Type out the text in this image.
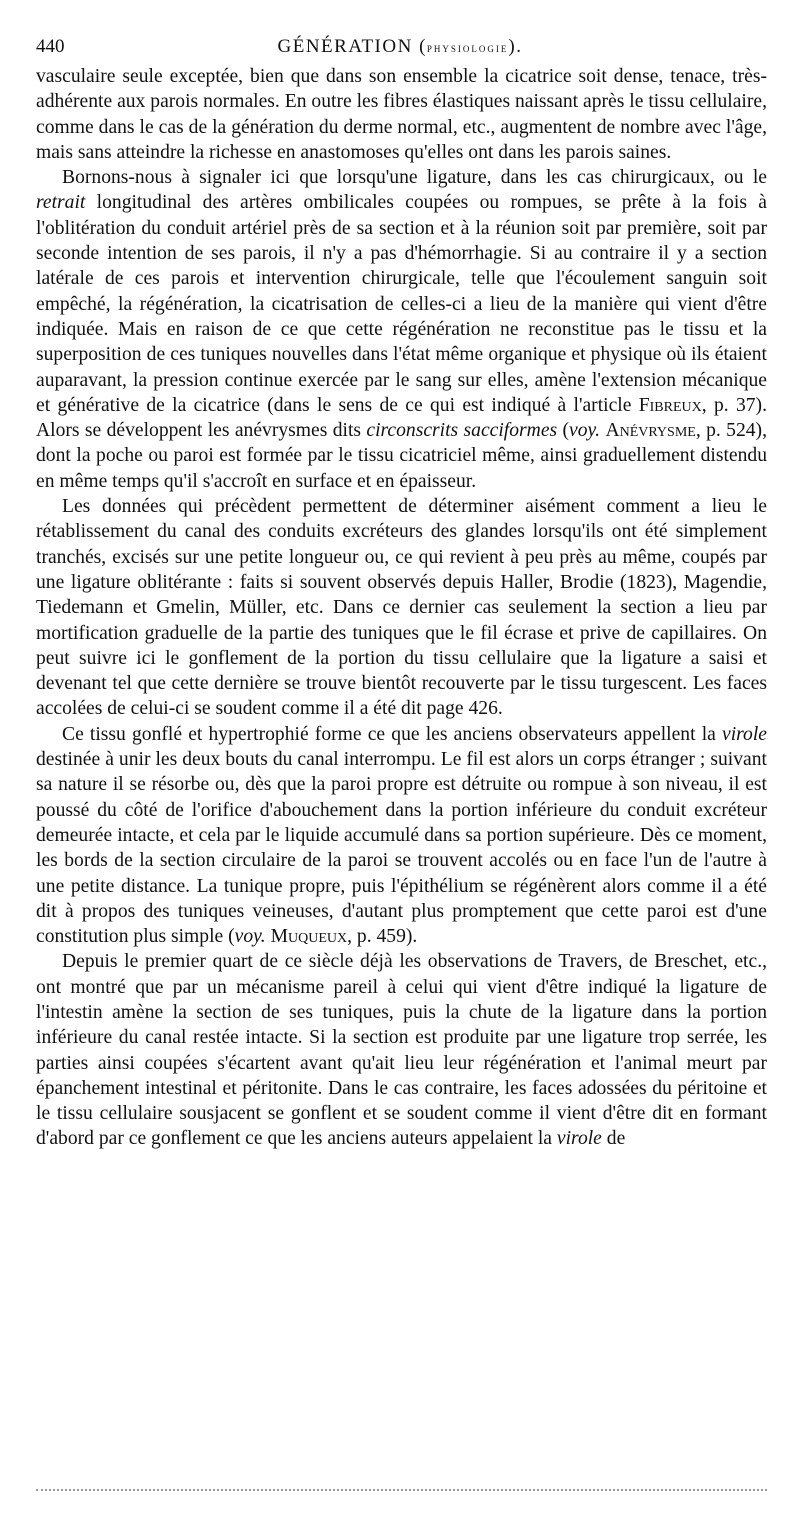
440	GÉNÉRATION (physiologie).

vasculaire seule exceptée, bien que dans son ensemble la cicatrice soit dense, tenace, très-adhérente aux parois normales. En outre les fibres élastiques naissant après le tissu cellulaire, comme dans le cas de la génération du derme normal, etc., augmentent de nombre avec l'âge, mais sans atteindre la richesse en anastomoses qu'elles ont dans les parois saines.

Bornons-nous à signaler ici que lorsqu'une ligature, dans les cas chirurgicaux, ou le retrait longitudinal des artères ombilicales coupées ou rompues, se prête à la fois à l'oblitération du conduit artériel près de sa section et à la réunion soit par première, soit par seconde intention de ses parois, il n'y a pas d'hémorrhagie. Si au contraire il y a section latérale de ces parois et intervention chirurgicale, telle que l'écoulement sanguin soit empêché, la régénération, la cicatrisation de celles-ci a lieu de la manière qui vient d'être indiquée. Mais en raison de ce que cette régénération ne reconstitue pas le tissu et la superposition de ces tuniques nouvelles dans l'état même organique et physique où ils étaient auparavant, la pression continue exercée par le sang sur elles, amène l'extension mécanique et générative de la cicatrice (dans le sens de ce qui est indiqué à l'article Fibreux, p. 37). Alors se développent les anévrysmes dits circonscrits sacciformes (voy. Anévrysme, p. 524), dont la poche ou paroi est formée par le tissu cicatriciel même, ainsi graduellement distendu en même temps qu'il s'accroît en surface et en épaisseur.

Les données qui précèdent permettent de déterminer aisément comment a lieu le rétablissement du canal des conduits excréteurs des glandes lorsqu'ils ont été simplement tranchés, excisés sur une petite longueur ou, ce qui revient à peu près au même, coupés par une ligature oblitérante : faits si souvent observés depuis Haller, Brodie (1823), Magendie, Tiedemann et Gmelin, Müller, etc. Dans ce dernier cas seulement la section a lieu par mortification graduelle de la partie des tuniques que le fil écrase et prive de capillaires. On peut suivre ici le gonflement de la portion du tissu cellulaire que la ligature a saisi et devenant tel que cette dernière se trouve bientôt recouverte par le tissu turgescent. Les faces accolées de celui-ci se soudent comme il a été dit page 426.

Ce tissu gonflé et hypertrophié forme ce que les anciens observateurs appellent la virole destinée à unir les deux bouts du canal interrompu. Le fil est alors un corps étranger ; suivant sa nature il se résorbe ou, dès que la paroi propre est détruite ou rompue à son niveau, il est poussé du côté de l'orifice d'abouchement dans la portion inférieure du conduit excréteur demeurée intacte, et cela par le liquide accumulé dans sa portion supérieure. Dès ce moment, les bords de la section circulaire de la paroi se trouvent accolés ou en face l'un de l'autre à une petite distance. La tunique propre, puis l'épithélium se régénèrent alors comme il a été dit à propos des tuniques veineuses, d'autant plus promptement que cette paroi est d'une constitution plus simple (voy. Muqueux, p. 459).

Depuis le premier quart de ce siècle déjà les observations de Travers, de Breschet, etc., ont montré que par un mécanisme pareil à celui qui vient d'être indiqué la ligature de l'intestin amène la section de ses tuniques, puis la chute de la ligature dans la portion inférieure du canal restée intacte. Si la section est produite par une ligature trop serrée, les parties ainsi coupées s'écartent avant qu'ait lieu leur régénération et l'animal meurt par épanchement intestinal et péritonite. Dans le cas contraire, les faces adossées du péritoine et le tissu cellulaire sousjacent se gonflent et se soudent comme il vient d'être dit en formant d'abord par ce gonflement ce que les anciens auteurs appelaient la virole de
